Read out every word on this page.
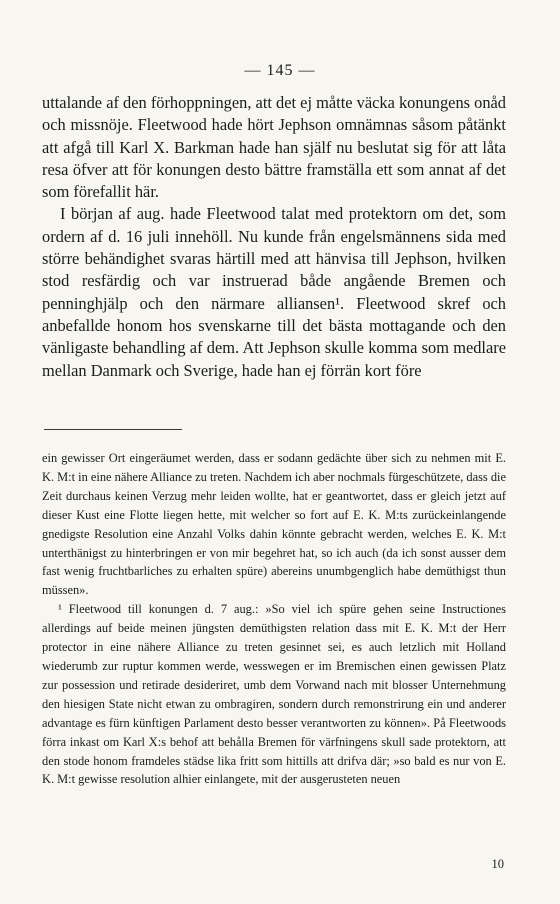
— 145 —

uttalande af den förhoppningen, att det ej måtte väcka konungens onåd och missnöje. Fleetwood hade hört Jephson omnämnas såsom påtänkt att afgå till Karl X. Barkman hade han själf nu beslutat sig för att låta resa öfver att för konungen desto bättre framställa ett som annat af det som förefallit här.

I början af aug. hade Fleetwood talat med protektorn om det, som ordern af d. 16 juli innehöll. Nu kunde från engelsmännens sida med större behändighet svaras härtill med att hänvisa till Jephson, hvilken stod resfärdig och var instruerad både angående Bremen och penninghjälp och den närmare alliansen¹. Fleetwood skref och anbefallde honom hos svenskarne till det bästa mottagande och den vänligaste behandling af dem. Att Jephson skulle komma som medlare mellan Danmark och Sverige, hade han ej förrän kort före

ein gewisser Ort eingeräumet werden, dass er sodann gedächte über sich zu nehmen mit E. K. M:t in eine nähere Alliance zu treten. Nachdem ich aber nochmals fürgeschützete, dass die Zeit durchaus keinen Verzug mehr leiden wollte, hat er geantwortet, dass er gleich jetzt auf dieser Kust eine Flotte liegen hette, mit welcher so fort auf E. K. M:ts zurückeinlangende gnedigste Resolution eine Anzahl Volks dahin könnte gebracht werden, welches E. K. M:t unterthänigst zu hinterbringen er von mir begehret hat, so ich auch (da ich sonst ausser dem fast wenig fruchtbarliches zu erhalten spüre) abereins unumbgenglich habe demüthigst thun müssen».

¹ Fleetwood till konungen d. 7 aug.: »So viel ich spüre gehen seine Instructiones allerdings auf beide meinen jüngsten demüthigsten relation dass mit E. K. M:t der Herr protector in eine nähere Alliance zu treten gesinnet sei, es auch letzlich mit Holland wiederumb zur ruptur kommen werde, wesswegen er im Bremischen einen gewissen Platz zur possession und retirade desideriret, umb dem Vorwand nach mit blosser Unternehmung den hiesigen State nicht etwan zu ombragiren, sondern durch remonstrirung ein und anderer advantage es fürn künftigen Parlament desto besser verantworten zu können». På Fleetwoods förra inkast om Karl X:s behof att behålla Bremen för värfningens skull sade protektorn, att den stode honom framdeles städse lika fritt som hittills att drifva där; »so bald es nur von E. K. M:t gewisse resolution alhier einlangete, mit der ausgerusteten neuen

10
